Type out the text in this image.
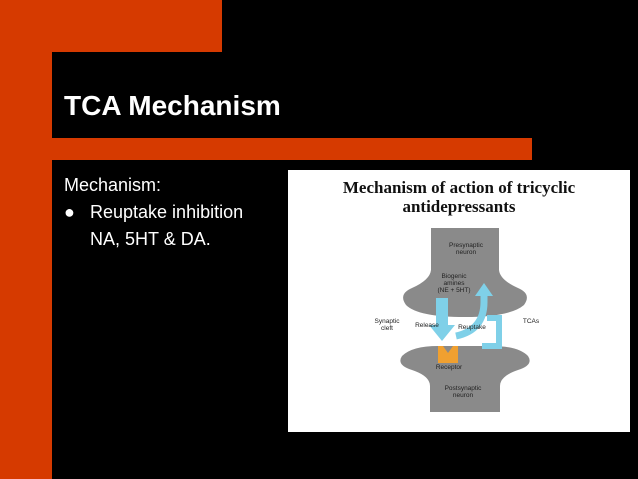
TCA Mechanism
Mechanism:
● Reuptake inhibition
NA, 5HT & DA.
Mechanism of action of tricyclic
antidepressants
Presynaptic
neuron
Biogenic
amines
(NE + 5HT)
Synaptic
cleft	Release	Reuptake
TCAs
Receptor
Postsynaptic
neuron
